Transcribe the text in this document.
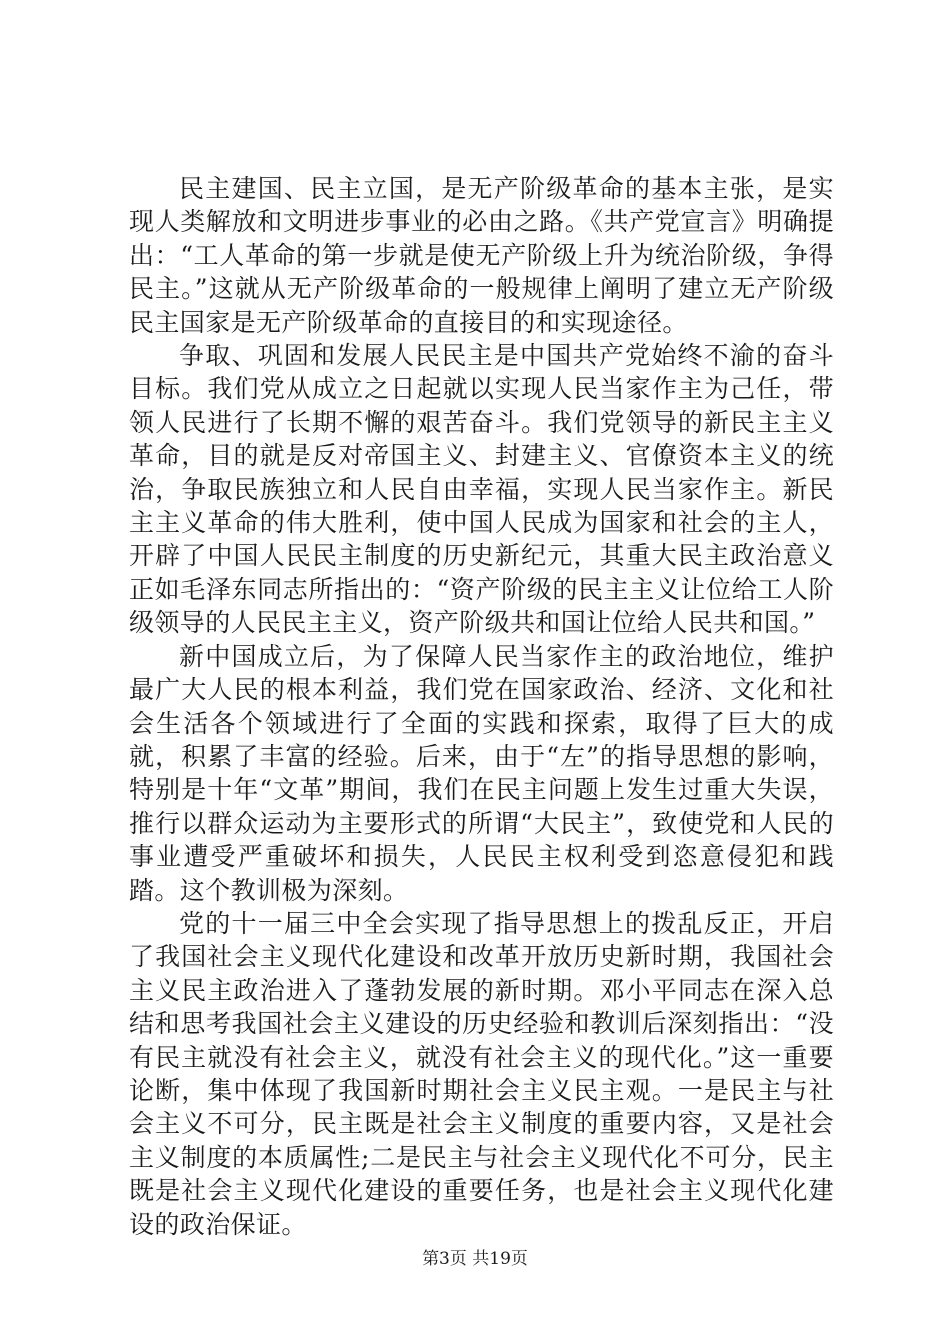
民主建国、民主立国，是无产阶级革命的基本主张，是实现人类解放和文明进步事业的必由之路。《共产党宣言》明确提出：“工人革命的第一步就是使无产阶级上升为统治阶级，争得民主。”这就从无产阶级革命的一般规律上阐明了建立无产阶级民主国家是无产阶级革命的直接目的和实现途径。

争取、巩固和发展人民民主是中国共产党始终不渝的奋斗目标。我们党从成立之日起就以实现人民当家作主为己任，带领人民进行了长期不懈的艰苦奋斗。我们党领导的新民主主义革命，目的就是反对帝国主义、封建主义、官僚资本主义的统治，争取民族独立和人民自由幸福，实现人民当家作主。新民主主义革命的伟大胜利，使中国人民成为国家和社会的主人，开辟了中国人民民主制度的历史新纪元，其重大民主政治意义正如毛泽东同志所指出的：“资产阶级的民主主义让位给工人阶级领导的人民民主主义，资产阶级共和国让位给人民共和国。”

新中国成立后，为了保障人民当家作主的政治地位，维护最广大人民的根本利益，我们党在国家政治、经济、文化和社会生活各个领域进行了全面的实践和探索，取得了巨大的成就，积累了丰富的经验。后来，由于“左”的指导思想的影响，特别是十年“文革”期间，我们在民主问题上发生过重大失误，推行以群众运动为主要形式的所谓“大民主”，致使党和人民的事业遭受严重破坏和损失，人民民主权利受到恣意侵犯和践踏。这个教训极为深刻。

党的十一届三中全会实现了指导思想上的拨乱反正，开启了我国社会主义现代化建设和改革开放历史新时期，我国社会主义民主政治进入了蓬勃发展的新时期。邓小平同志在深入总结和思考我国社会主义建设的历史经验和教训后深刻指出：“没有民主就没有社会主义，就没有社会主义的现代化。”这一重要论断，集中体现了我国新时期社会主义民主观。一是民主与社会主义不可分，民主既是社会主义制度的重要内容，又是社会主义制度的本质属性;二是民主与社会主义现代化不可分，民主既是社会主义现代化建设的重要任务，也是社会主义现代化建设的政治保证。

第3页 共19页
